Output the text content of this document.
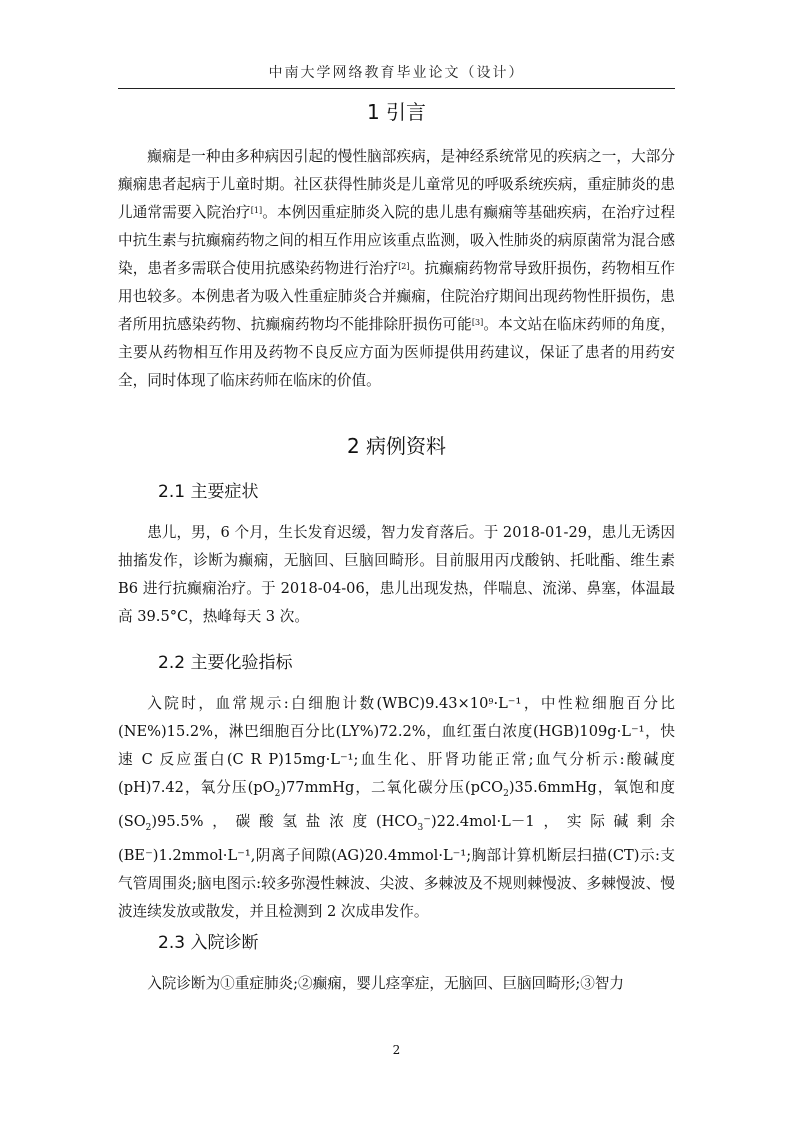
中南大学网络教育毕业论文（设计）
1 引言

癫痫是一种由多种病因引起的慢性脑部疾病，是神经系统常见的疾病之一，大部分癫痫患者起病于儿童时期。社区获得性肺炎是儿童常见的呼吸系统疾病，重症肺炎的患儿通常需要入院治疗[1]。本例因重症肺炎入院的患儿患有癫痫等基础疾病，在治疗过程中抗生素与抗癫痫药物之间的相互作用应该重点监测，吸入性肺炎的病原菌常为混合感染，患者多需联合使用抗感染药物进行治疗[2]。抗癫痫药物常导致肝损伤，药物相互作用也较多。本例患者为吸入性重症肺炎合并癫痫，住院治疗期间出现药物性肝损伤，患者所用抗感染药物、抗癫痫药物均不能排除肝损伤可能[3]。本文站在临床药师的角度，主要从药物相互作用及药物不良反应方面为医师提供用药建议，保证了患者的用药安全，同时体现了临床药师在临床的价值。

2 病例资料
2.1 主要症状

患儿，男，6 个月，生长发育迟缓，智力发育落后。于 2018-01-29，患儿无诱因抽搐发作，诊断为癫痫，无脑回、巨脑回畸形。目前服用丙戊酸钠、托吡酯、维生素 B6 进行抗癫痫治疗。于 2018-04-06，患儿出现发热，伴喘息、流涕、鼻塞，体温最高 39.5°C，热峰每天 3 次。

2.2 主要化验指标

入院时，血常规示:白细胞计数$(WBC)9.43\times 10^9\cdot L^{-1}$，中性粒细胞百分比(NE%)15.2%，淋巴细胞百分比(LY%)72.2%，血红蛋白浓度(HGB)109g·L⁻¹，快速 C 反应蛋白(C R P)15mg·L⁻¹;血生化、肝肾功能正常;血气分析示:酸碱度(pH)7.42，氧分压$(pO_2)77mmHg$，二氧化碳分压(pCO$_2$)35.6mmHg，氧饱和度$(SO_2)95.5\%$，碳酸氢盐浓度$(HCO_3^-)22.4mol\cdot L-1$，实际碱剩余(BE⁻)1.2mmol·L⁻¹,阴离子间隙(AG)20.4mmol·L⁻¹;胸部计算机断层扫描(CT)示:支气管周围炎;脑电图示:较多弥漫性棘波、尖波、多棘波及不规则棘慢波、多棘慢波、慢波连续发放或散发，并且检测到 2 次成串发作。

2.3 入院诊断

入院诊断为①重症肺炎;②癫痫，婴儿痉挛症，无脑回、巨脑回畸形;③智力

2
